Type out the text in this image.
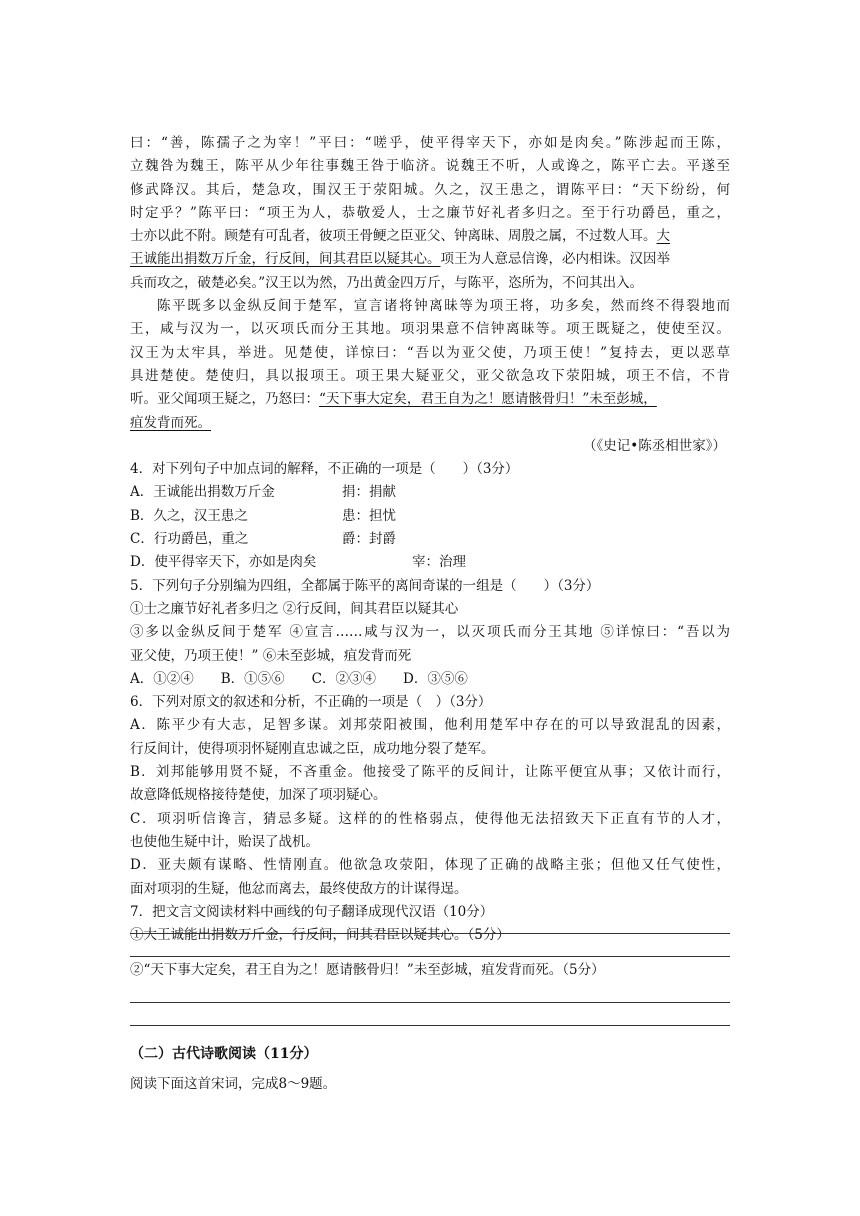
曰：“善，陈孺子之为宰！”平曰：“嗟乎，使平得宰天下，亦如是肉矣。”陈涉起而王陈，
立魏咎为魏王，陈平从少年往事魏王咎于临济。说魏王不听，人或谗之，陈平亡去。平遂至
修武降汉。其后，楚急攻，围汉王于荥阳城。久之，汉王患之，谓陈平曰：“天下纷纷，何
时定乎？”陈平曰：“项王为人，恭敬爱人，士之廉节好礼者多归之。至于行功爵邑，重之，
士亦以此不附。顾楚有可乱者，彼项王骨鲠之臣亚父、钟离昧、周殷之属，不过数人耳。大
王诚能出捐数万斤金，行反间，间其君臣以疑其心。项王为人意忌信谗，必内相诛。汉因举
兵而攻之，破楚必矣。”汉王以为然，乃出黄金四万斤，与陈平，恣所为，不问其出入。
陈平既多以金纵反间于楚军，宣言诸将钟离昧等为项王将，功多矣，然而终不得裂地而
王，咸与汉为一，以灭项氏而分王其地。项羽果意不信钟离昧等。项王既疑之，使使至汉。
汉王为太牢具，举进。见楚使，详惊曰：“吾以为亚父使，乃项王使！”复持去，更以恶草
具进楚使。楚使归，具以报项王。项王果大疑亚父，亚父欲急攻下荥阳城，项王不信，不肯
听。亚父闻项王疑之，乃怒曰：“天下事大定矣，君王自为之！愿请骸骨归！”未至彭城，
疽发背而死。
（《史记•陈丞相世家》）
4．对下列句子中加点词的解释，不正确的一项是（　　）（3分）
A．王诚能出捐数万斤金	捐：捐献
B．久之，汉王患之	患：担忧
C．行功爵邑，重之	爵：封爵
D．使平得宰天下，亦如是肉矣	宰：治理
5．下列句子分别编为四组，全都属于陈平的离间奇谋的一组是（　　）（3分）
①士之廉节好礼者多归之 ②行反间，间其君臣以疑其心
③多以金纵反间于楚军 ④宣言……咸与汉为一，以灭项氏而分王其地 ⑤详惊曰：“吾以为
亚父使，乃项王使！” ⑥未至彭城，疽发背而死
A．①②④　　B．①⑤⑥　　C．②③④　　D．③⑤⑥
6．下列对原文的叙述和分析，不正确的一项是（　）（3分）
A．陈平少有大志，足智多谋。刘邦荥阳被围，他利用楚军中存在的可以导致混乱的因素，
行反间计，使得项羽怀疑刚直忠诚之臣，成功地分裂了楚军。
B．刘邦能够用贤不疑，不吝重金。他接受了陈平的反间计，让陈平便宜从事；又依计而行，
故意降低规格接待楚使，加深了项羽疑心。
C．项羽听信谗言，猜忌多疑。这样的的性格弱点，使得他无法招致天下正直有节的人才，
也使他生疑中计，贻误了战机。
D．亚夫颇有谋略、性情刚直。他欲急攻荥阳，体现了正确的战略主张；但他又任气使性，
面对项羽的生疑，他忿而离去，最终使敌方的计谋得逞。
7．把文言文阅读材料中画线的句子翻译成现代汉语（10分）
①大王诚能出捐数万斤金，行反间，间其君臣以疑其心。（5分）
②“天下事大定矣，君王自为之！愿请骸骨归！”未至彭城，疽发背而死。（5分）
（二）古代诗歌阅读（11分）
阅读下面这首宋词，完成8～9题。
